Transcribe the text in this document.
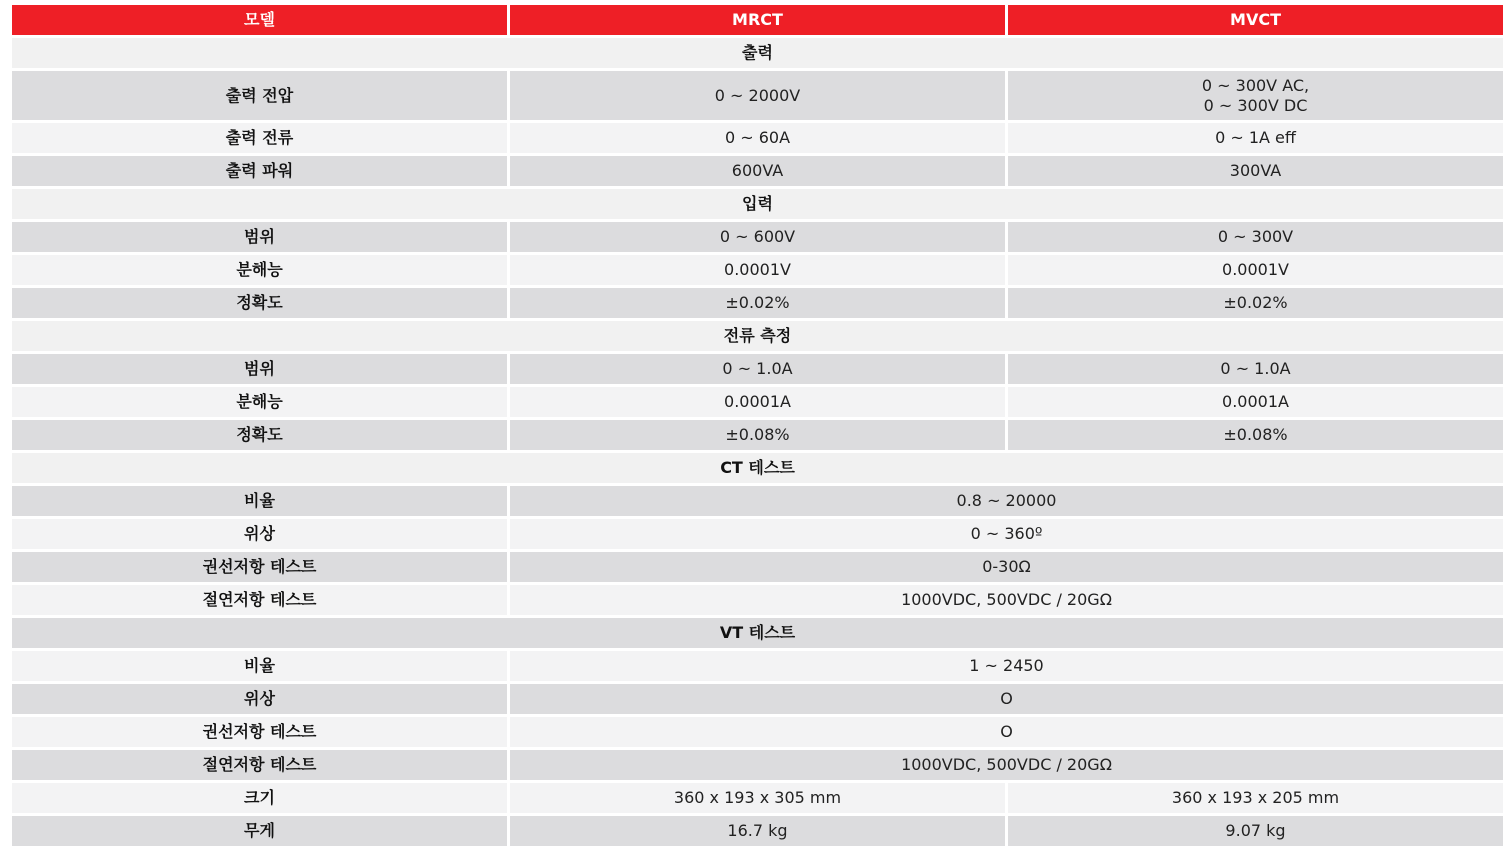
모델	MRCT	MVCT
출력		
출력 전압	0 ~ 2000V	0 ~ 300V AC,
0 ~ 300V DC

출력 전류	0 ~ 60A	0 ~ 1A eff
출력 파워	600VA	300VA
입력		
범위	0 ~ 600V	0 ~ 300V
분해능	0.0001V	0.0001V
정확도	±0.02%	±0.02%
전류 측정		
범위	0 ~ 1.0A	0 ~ 1.0A
분해능	0.0001A	0.0001A
정확도	±0.08%	±0.08%
CT 테스트		
비율	0.8 ~ 20000	
위상	0 ~ 360º	
권선저항 테스트	0-30Ω	
절연저항 테스트	1000VDC, 500VDC / 20GΩ	
VT 테스트		
비율	1 ~ 2450	
위상	O	
권선저항 테스트	O	
절연저항 테스트	1000VDC, 500VDC / 20GΩ	
크기	360 x 193 x 305 mm	360 x 193 x 205 mm
무게	16.7 kg	9.07 kg
